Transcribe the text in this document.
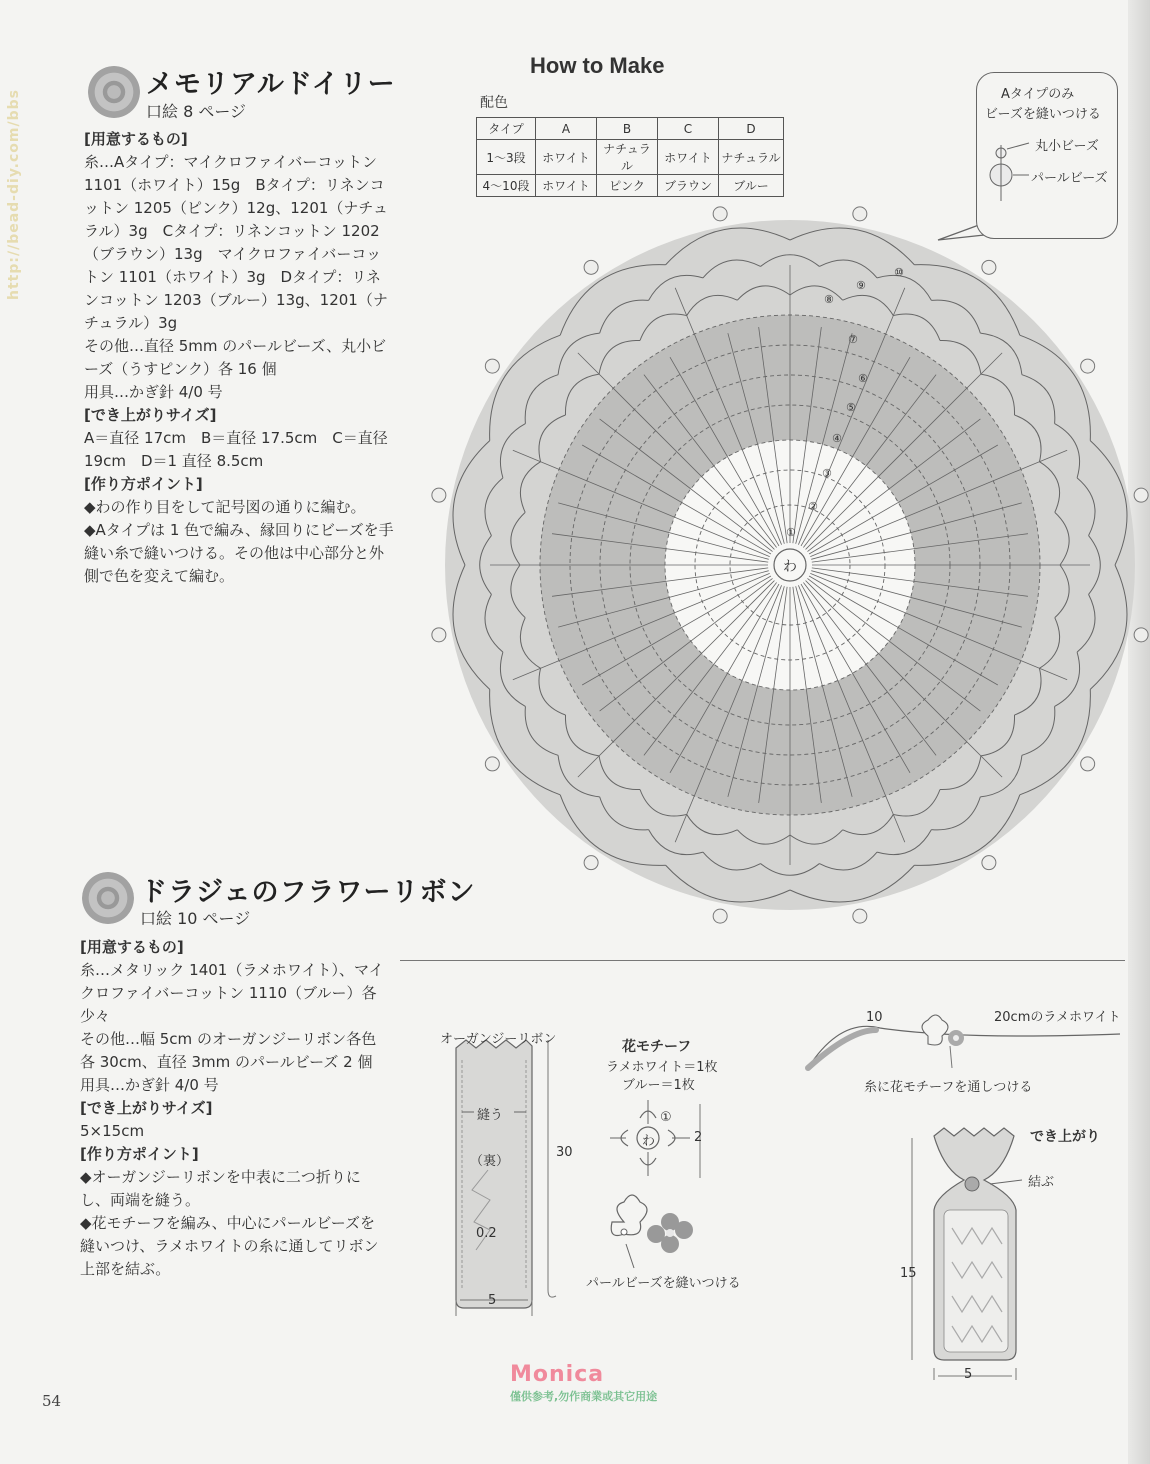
http://bead-diy.com/bbs
メモリアルドイリー
口絵 8 ページ

[用意するもの]

糸…Aタイプ：マイクロファイバーコットン 1101（ホワイト）15g　Bタイプ：リネンコットン 1205（ピンク）12g、1201（ナチュラル）3g　Cタイプ：リネンコットン 1202（ブラウン）13g　マイクロファイバーコットン 1101（ホワイト）3g　Dタイプ：リネンコットン 1203（ブルー）13g、1201（ナチュラル）3g

その他…直径 5mm のパールビーズ、丸小ビーズ（うすピンク）各 16 個

用具…かぎ針 4/0 号

[でき上がりサイズ]

A＝直径 17cm　B＝直径 17.5cm　C＝直径 19cm　D＝1 直径 8.5cm

[作り方ポイント]

◆わの作り目をして記号図の通りに編む。

◆Aタイプは 1 色で編み、縁回りにビーズを手縫い糸で縫いつける。その他は中心部分と外側で色を変えて編む。

How to Make
配色
タイプ	A	B	C	D
1〜3段	ホワイト	ナチュラル	ホワイト	ナチュラル
4〜10段	ホワイト	ピンク	ブラウン	ブルー
わ
①
②
③
④
⑤
⑥
⑦
⑧
⑨
⑩
Aタイプのみ
ビーズを縫いつける
丸小ビーズ
パールビーズ
ドラジェのフラワーリボン
口絵 10 ページ

[用意するもの]

糸…メタリック 1401（ラメホワイト）、マイクロファイバーコットン 1110（ブルー）各少々

その他…幅 5cm のオーガンジーリボン各色各 30cm、直径 3mm のパールビーズ 2 個

用具…かぎ針 4/0 号

[でき上がりサイズ]

5×15cm

[作り方ポイント]

◆オーガンジーリボンを中表に二つ折りにし、両端を縫う。

◆花モチーフを編み、中心にパールビーズを縫いつけ、ラメホワイトの糸に通してリボン上部を結ぶ。

オーガンジーリボン
縫う
（裏）
0.2
30
5
花モチーフ
ラメホワイト＝1枚
ブルー＝1枚
わ
①
2
パールビーズを縫いつける
10	20cmのラメホワイト
糸に花モチーフを通しつける
でき上がり
結ぶ
15
5
54
Monica
僅供参考,勿作商業或其它用途
